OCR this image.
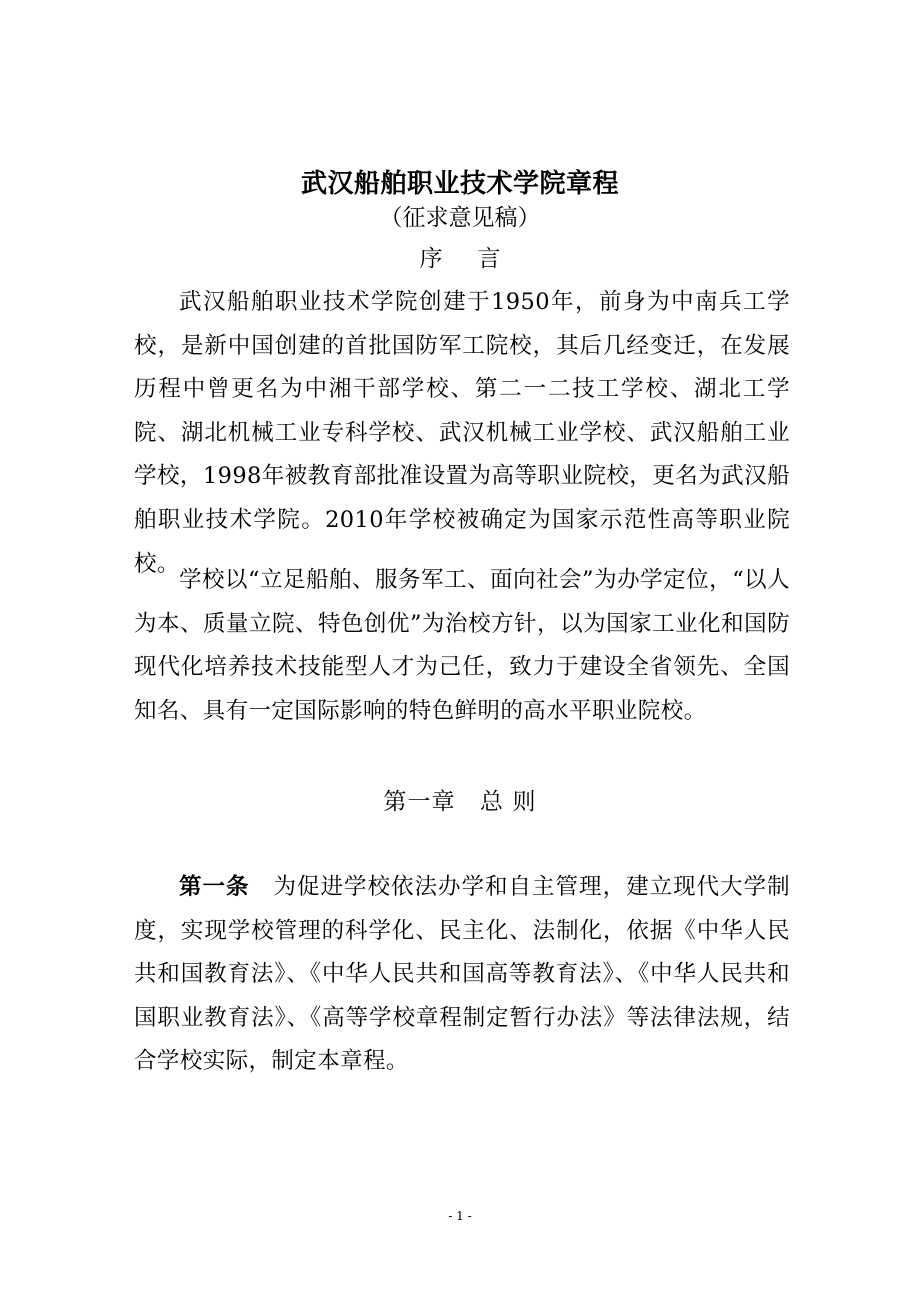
武汉船舶职业技术学院章程
（征求意见稿）
序 言

武汉船舶职业技术学院创建于1950年，前身为中南兵工学校，是新中国创建的首批国防军工院校，其后几经变迁，在发展历程中曾更名为中湘干部学校、第二一二技工学校、湖北工学院、湖北机械工业专科学校、武汉机械工业学校、武汉船舶工业学校，1998年被教育部批准设置为高等职业院校，更名为武汉船舶职业技术学院。2010年学校被确定为国家示范性高等职业院校。

学校以“立足船舶、服务军工、面向社会”为办学定位，“以人为本、质量立院、特色创优”为治校方针，以为国家工业化和国防现代化培养技术技能型人才为己任，致力于建设全省领先、全国知名、具有一定国际影响的特色鲜明的高水平职业院校。

第一章　总 则

第一条 为促进学校依法办学和自主管理，建立现代大学制度，实现学校管理的科学化、民主化、法制化，依据《中华人民共和国教育法》、《中华人民共和国高等教育法》、《中华人民共和国职业教育法》、《高等学校章程制定暂行办法》等法律法规，结合学校实际，制定本章程。

- 1 -
